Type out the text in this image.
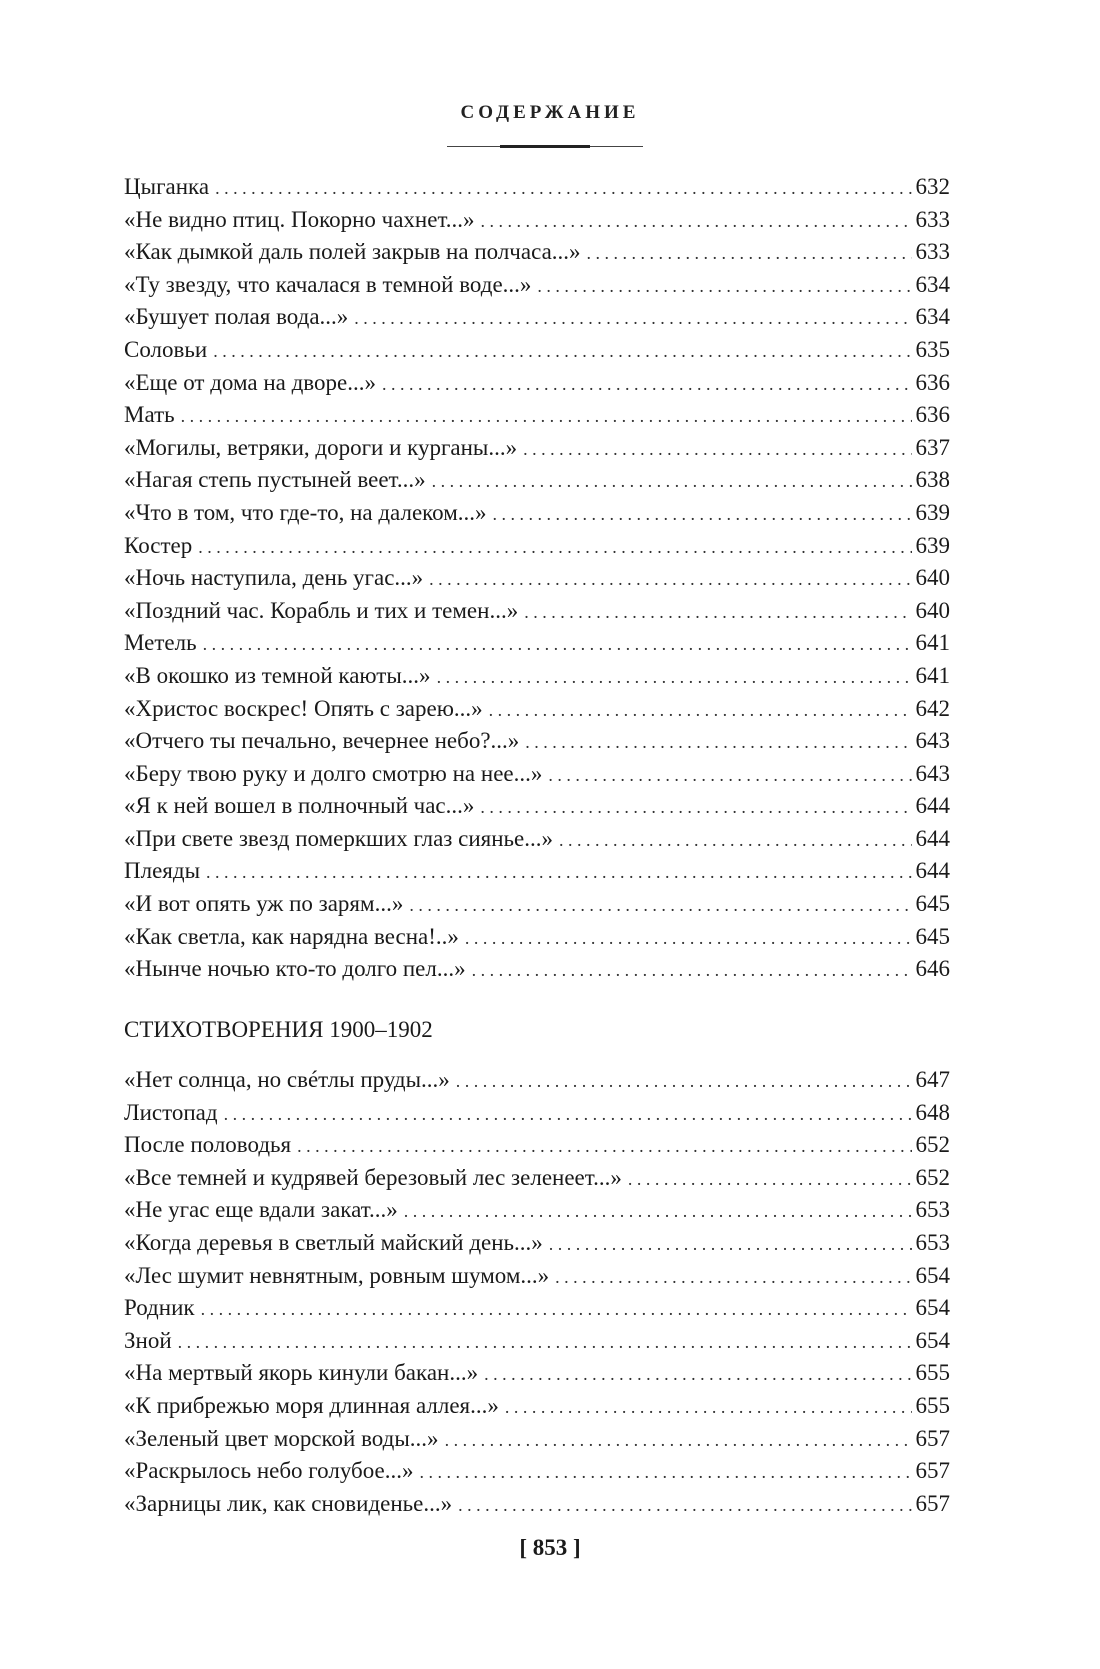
СОДЕРЖАНИЕ
Цыганка . . .	632
«Не видно птиц. Покорно чахнет...» . . .	633
«Как дымкой даль полей закрыв на полчаса...» . . .	633
«Ту звезду, что качалася в темной воде...» . . .	634
«Бушует полая вода...» . . .	634
Соловьи . . .	635
«Еще от дома на дворе...» . . .	636
Мать . . .	636
«Могилы, ветряки, дороги и курганы...» . . .	637
«Нагая степь пустыней веет...» . . .	638
«Что в том, что где-то, на далеком...» . . .	639
Костер . . .	639
«Ночь наступила, день угас...» . . .	640
«Поздний час. Корабль и тих и темен...» . . .	640
Метель . . .	641
«В окошко из темной каюты...» . . .	641
«Христос воскрес! Опять с зарею...» . . .	642
«Отчего ты печально, вечернее небо?...» . . .	643
«Беру твою руку и долго смотрю на нее...» . . .	643
«Я к ней вошел в полночный час...» . . .	644
«При свете звезд померкших глаз сиянье...» . . .	644
Плеяды . . .	644
«И вот опять уж по зарям...» . . .	645
«Как светла, как нарядна весна!..» . . .	645
«Нынче ночью кто-то долго пел...» . . .	646
СТИХОТВОРЕНИЯ 1900–1902
«Нет солнца, но свéтлы пруды...» . . .	647
Листопад . . .	648
После половодья . . .	652
«Все темней и кудрявей березовый лес зеленеет...» . . .	652
«Не угас еще вдали закат...» . . .	653
«Когда деревья в светлый майский день...» . . .	653
«Лес шумит невнятным, ровным шумом...» . . .	654
Родник . . .	654
Зной . . .	654
«На мертвый якорь кинули бакан...» . . .	655
«К прибрежью моря длинная аллея...» . . .	655
«Зеленый цвет морской воды...» . . .	657
«Раскрылось небо голубое...» . . .	657
«Зарницы лик, как сновиденье...» . . .	657
[ 853 ]
